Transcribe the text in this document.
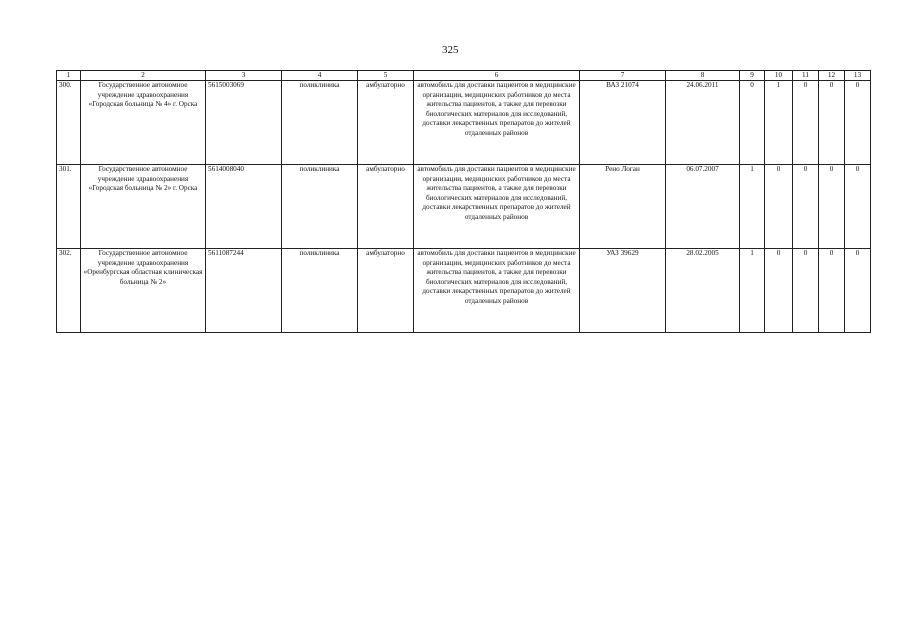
325
1	2	3	4	5	6	7	8	9	10	11	12	13
300.	Государственное автономное учреждение здравоохранения «Городская больница № 4» г. Орска	5615003069	поликлиника	амбулаторно	автомобиль для доставки пациентов в медицинские организации, медицинских работников до места жительства пациентов, а также для перевозки биологических материалов для исследований, доставки лекарственных препаратов до жителей отдаленных районов	ВАЗ 21074	24.06.2011	0	1	0	0	0
301.	Государственное автономное учреждение здравоохранения «Городская больница № 2» г. Орска	5614008040	поликлиника	амбулаторно	автомобиль для доставки пациентов в медицинские организации, медицинских работников до места жительства пациентов, а также для перевозки биологических материалов для исследований, доставки лекарственных препаратов до жителей отдаленных районов	Рено Логан	06.07.2007	1	0	0	0	0
302.	Государственное автономное учреждение здравоохранения «Оренбургская областная клиническая больница № 2»	5611087244	поликлиника	амбулаторно	автомобиль для доставки пациентов в медицинские организации, медицинских работников до места жительства пациентов, а также для перевозки биологических материалов для исследований, доставки лекарственных препаратов до жителей отдаленных районов	УАЗ 39629	28.02.2005	1	0	0	0	0
